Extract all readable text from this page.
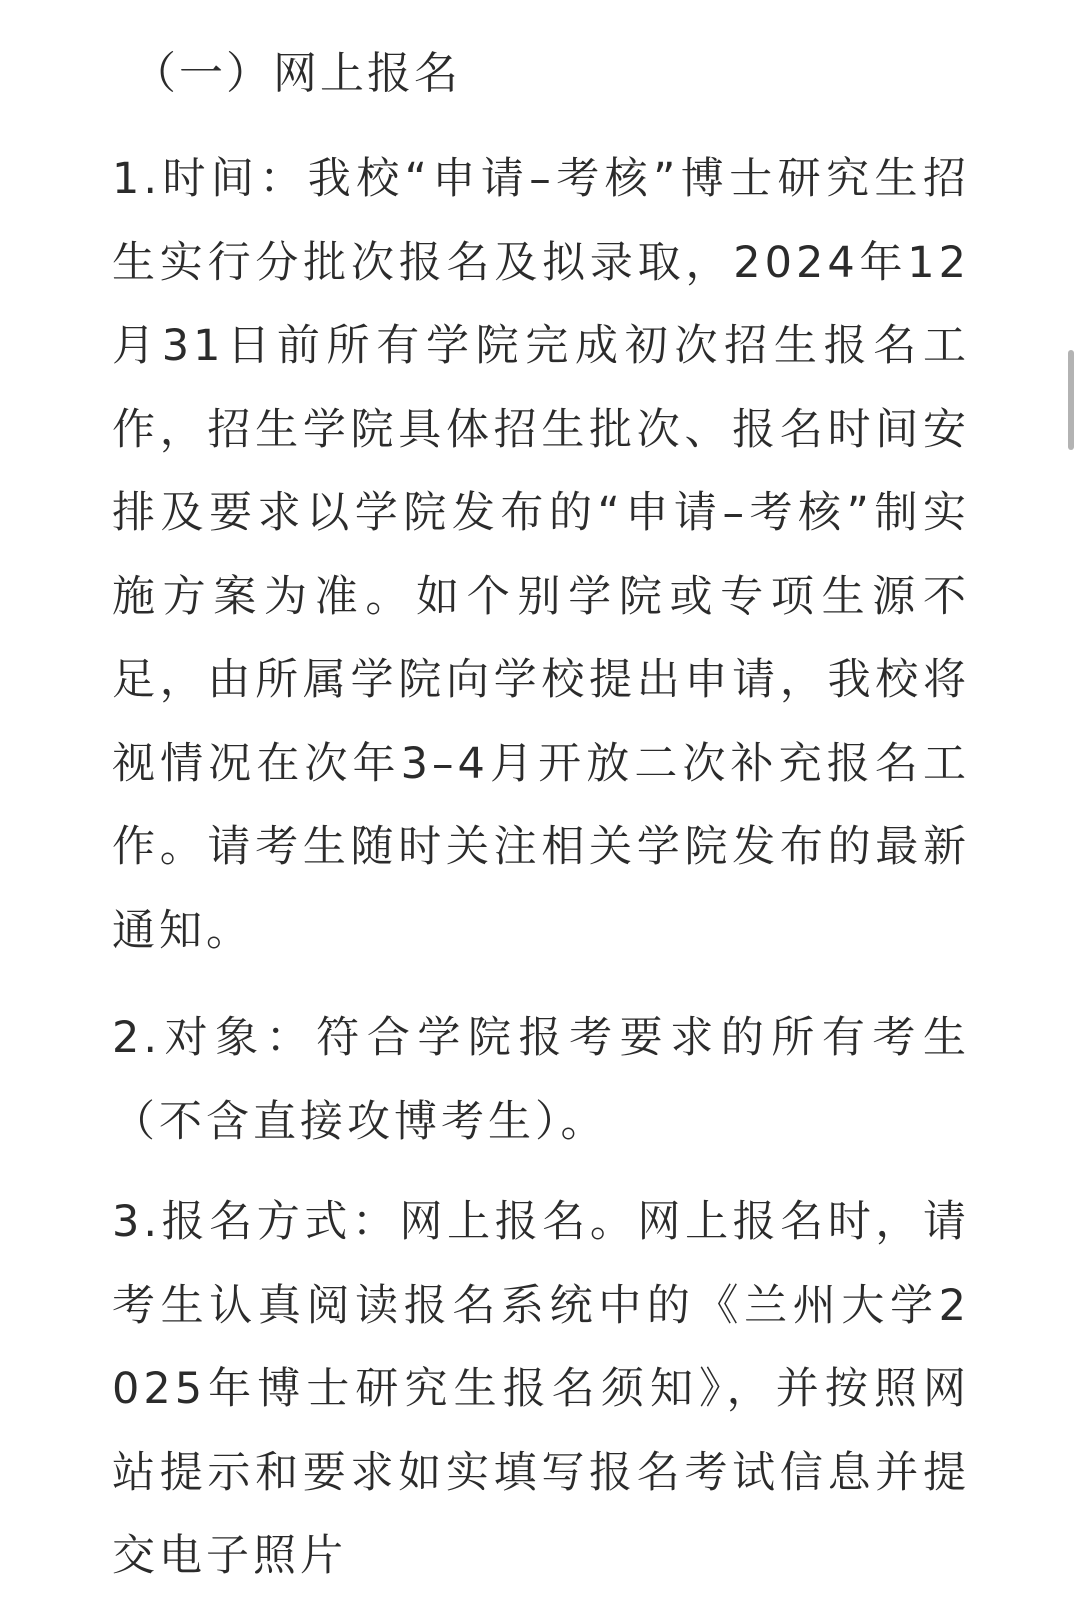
（一）网上报名
1.时间：我校“申请–考核”博士研究生招生实行分批次报名及拟录取，2024年12月31日前所有学院完成初次招生报名工作，招生学院具体招生批次、报名时间安排及要求以学院发布的“申请–考核”制实施方案为准。如个别学院或专项生源不足，由所属学院向学校提出申请，我校将视情况在次年3–4月开放二次补充报名工作。请考生随时关注相关学院发布的最新通知。
2.对象：符合学院报考要求的所有考生（不含直接攻博考生）。
3.报名方式：网上报名。网上报名时，请考生认真阅读报名系统中的《兰州大学2025年博士研究生报名须知》，并按照网站提示和要求如实填写报名考试信息并提交电子照片
